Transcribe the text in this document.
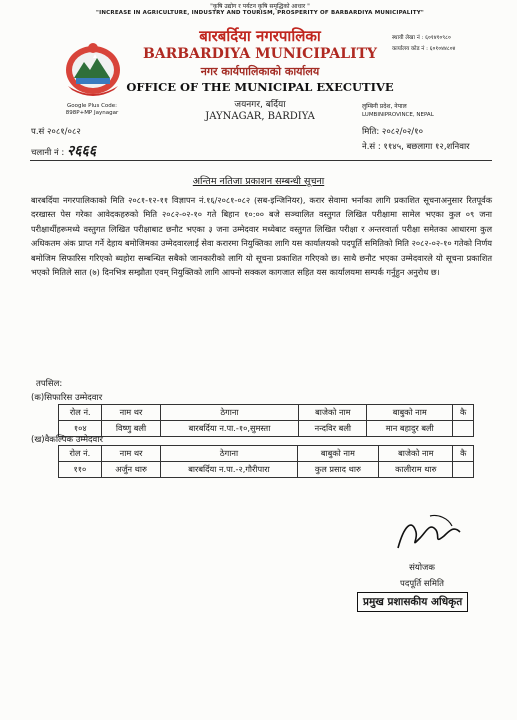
"कृषि उद्योग र पर्यटन कृषि समृद्धिको आधार "
"INCREASE IN AGRICULTURE, INDUSTRY AND TOURISM, PROSPERITY OF BARBARDIYA MUNICIPALITY"
बारबर्दिया नगरपालिका
BARBARDIYA MUNICIPALITY
नगर कार्यपालिकाको कार्यालय
OFFICE OF THE MUNICIPAL EXECUTIVE
जयनगर, बर्दिया
JAYNAGAR, BARDIYA
स्थायी लेखा नं : ६०१४१०९८०
कार्यालय कोड नं : ६०१०४४८०४
Google Plus Code:
898P+MP Jaynagar
लुम्बिनी प्रदेश, नेपाल
LUMBINIPROVINCE, NEPAL
प.सं २०८१/०८२
चलानी नं : २६६६
मिति: २०८२/०२/१०
ने.सं : ११४५, बछलागा १२,शनिवार
अन्तिम नतिजा प्रकाशन सम्बन्धी सूचना
बारबर्दिया नगरपालिकाको मिति २०८१-१२-११ विज्ञापन नं.१६/२०८१-०८२ (सब-इन्जिनियर), करार सेवामा भर्नाका लागि प्रकाशित सूचनाअनुसार रितपूर्वक दरखास्त पेस गरेका आवेदकहरुको मिति २०८२-०२-१० गते बिहान १०:०० बजे सञ्चालित वस्तुगत लिखित परीक्षामा सामेल भएका कुल ०९ जना परीक्षार्थीहरूमध्ये वस्तुगत लिखित परीक्षाबाट छनौट भएका ३ जना उम्मेदवार मध्येबाट वस्तुगत लिखित परीक्षा र अन्तरवार्ता परीक्षा समेतका आधारमा कुल अधिकतम अंक प्राप्त गर्ने देहाय बमोजिमका उम्मेदवारलाई सेवा करारमा नियुक्तिका लागि यस कार्यालयको पदपूर्ति समितिको मिति २०८२-०२-१० गतेको निर्णय बमोजिम सिफारिस गरिएको ब्यहोरा सम्बन्धित सबैको जानकारीको लागि यो सूचना प्रकाशित गरिएको छ। साथै छनौट भएका उम्मेदवारले यो सूचना प्रकाशित भएको मितिले सात (७) दिनभित्र सम्झौता एवम् नियुक्तिको लागि आफ्नो सक्कल कागजात सहित यस कार्यालयमा सम्पर्क गर्नुहुन अनुरोध छ।
तपसिल:
(क)सिफारिस उम्मेदवार
रोल नं.	नाम थर	ठेगाना	बाजेको नाम	बाबुको नाम	कै
१०४	विष्णु बली	बारबर्दिया न.पा.-१०,सुमस्ता	नन्दविर बली	मान बहादुर बली	
(ख)वैकल्पिक उम्मेदवार
रोल नं.	नाम थर	ठेगाना	बाबुको नाम	बाजेको नाम	कै
११०	अर्जुन थारु	बारबर्दिया न.पा.-२,गौरीपारा	कुल प्रसाद थारु	कालीराम थारु	
संयोजक
पदपूर्ति समिति
प्रमुख प्रशासकीय अधिकृत
